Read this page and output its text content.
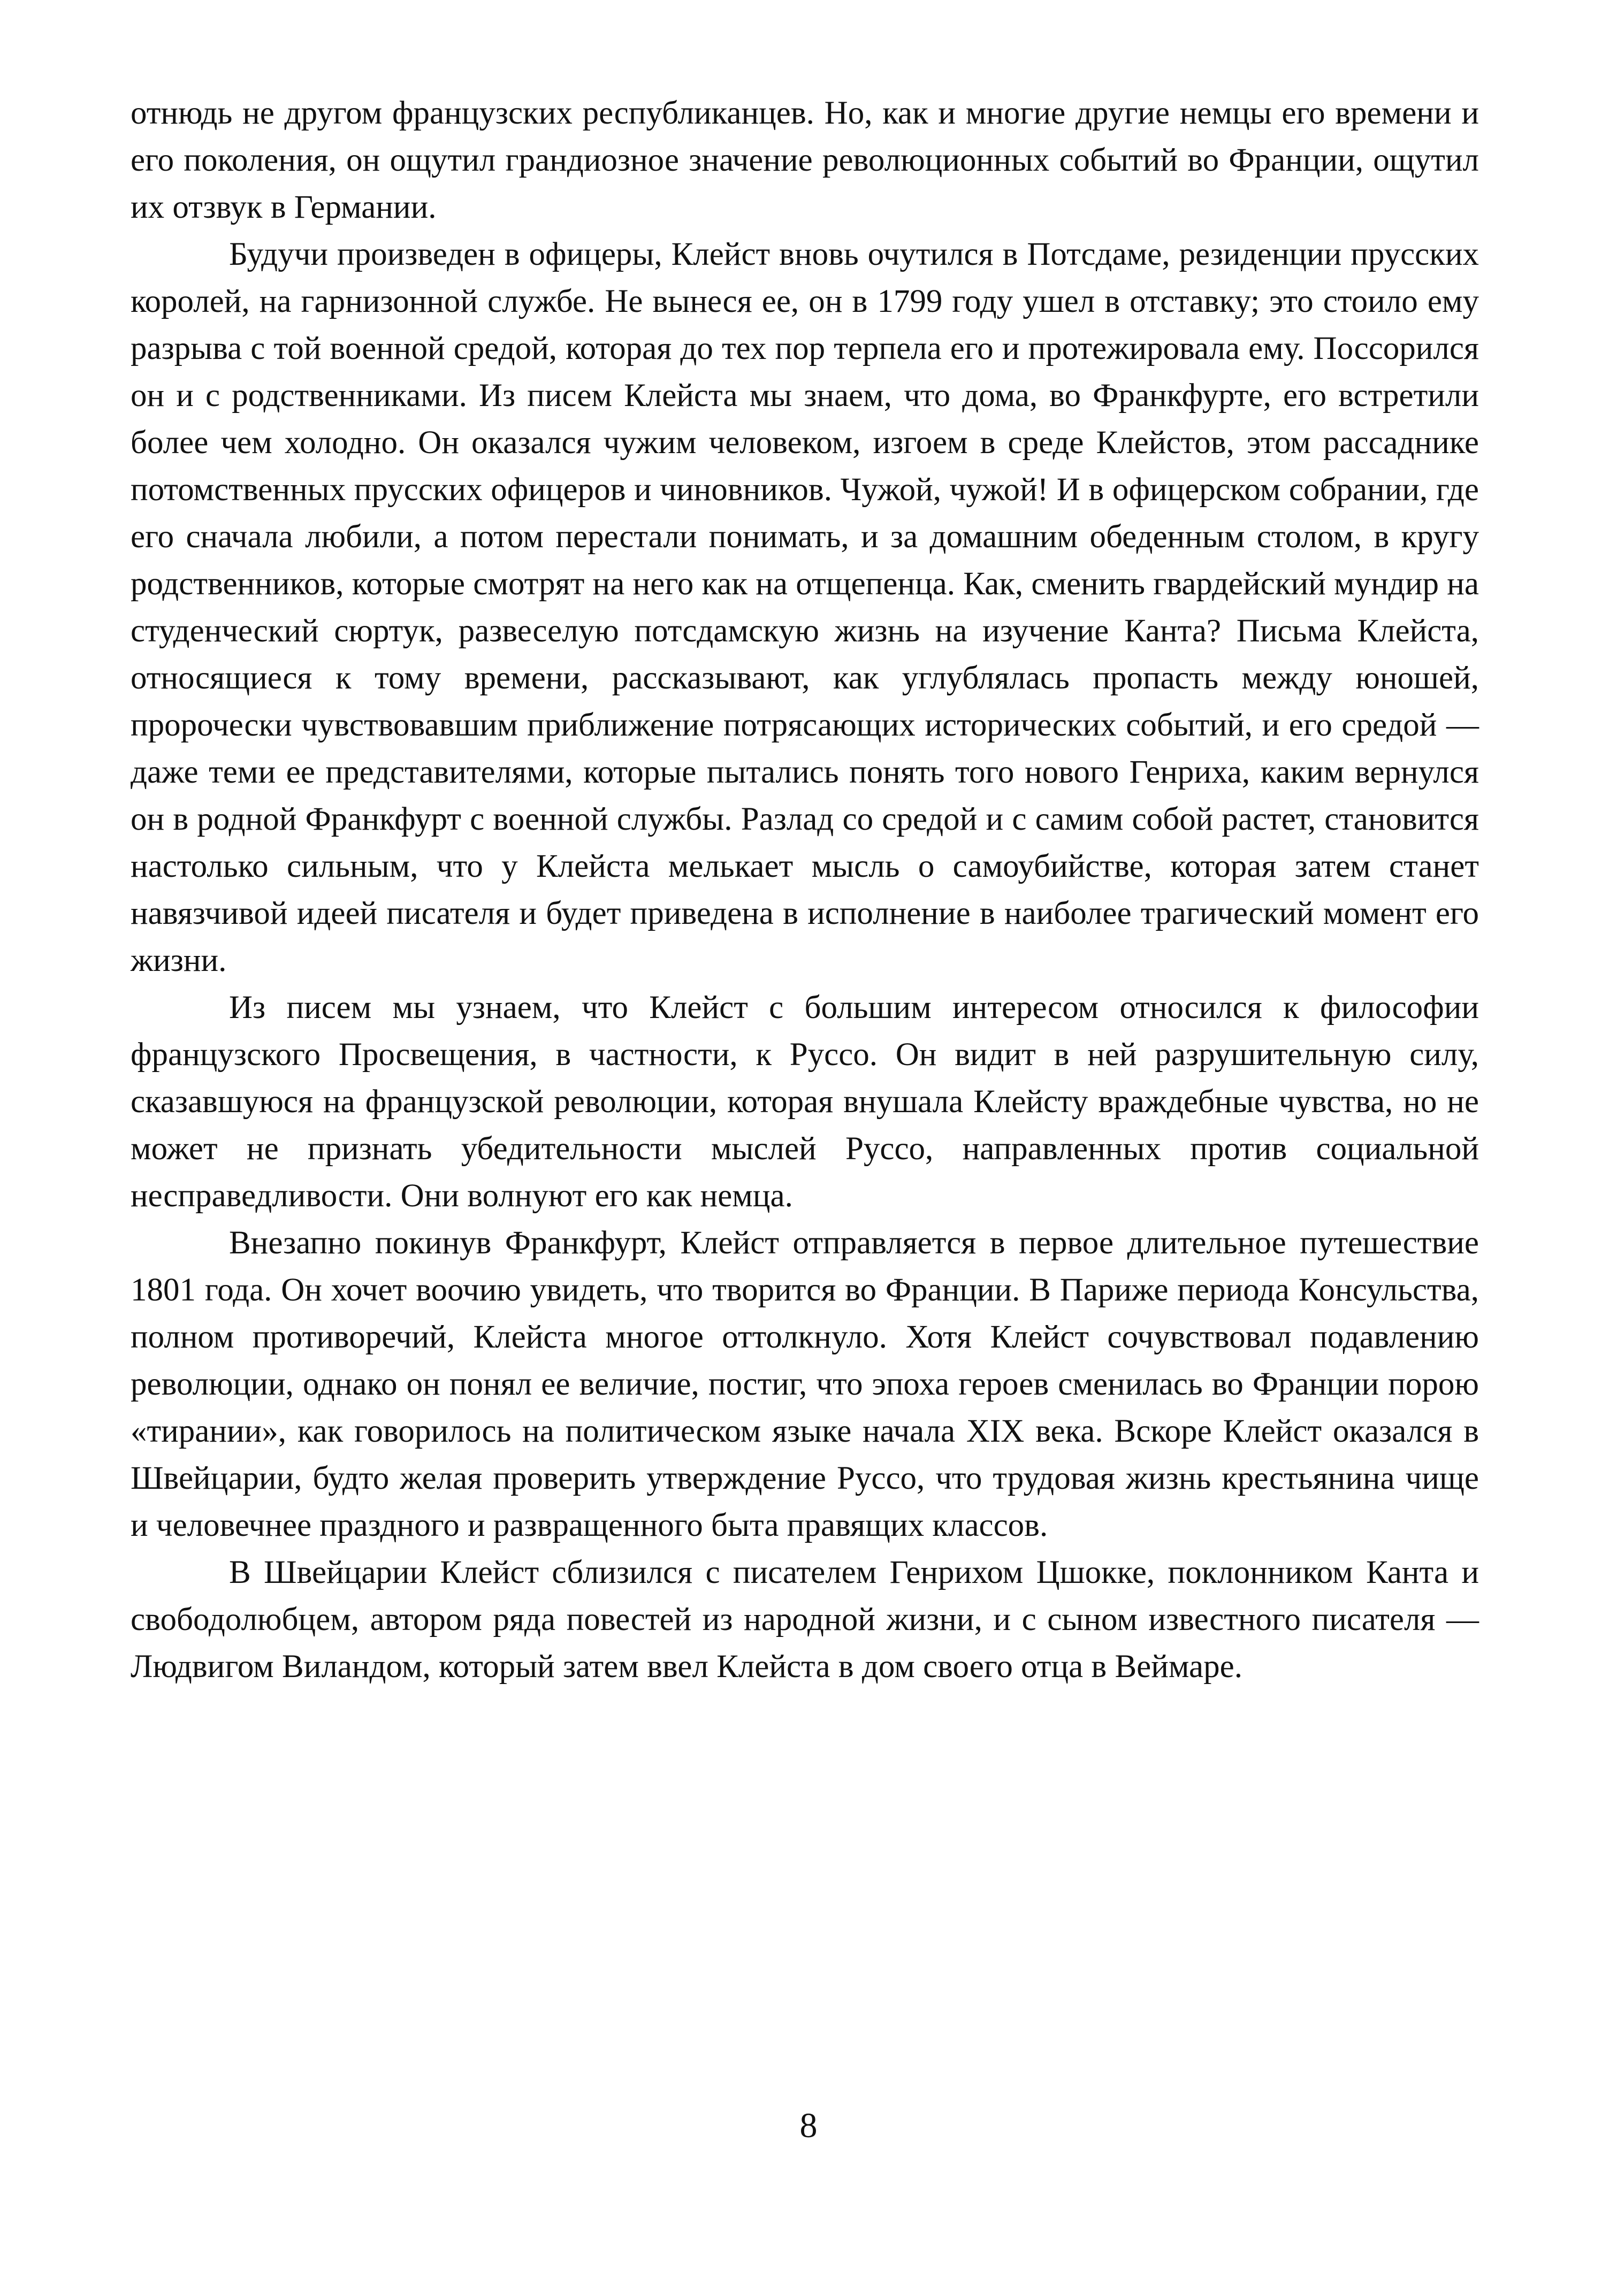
отнюдь не другом французских республиканцев. Но, как и многие другие немцы его времени и его поколения, он ощутил грандиозное значение революционных событий во Франции, ощутил их отзвук в Германии.

Будучи произведен в офицеры, Клейст вновь очутился в Потсдаме, резиденции прусских королей, на гарнизонной службе. Не вынеся ее, он в 1799 году ушел в отставку; это стоило ему разрыва с той военной средой, которая до тех пор терпела его и протежировала ему. Поссорился он и с родственниками. Из писем Клейста мы знаем, что дома, во Франкфурте, его встретили более чем холодно. Он оказался чужим человеком, изгоем в среде Клейстов, этом рассаднике потомственных прусских офицеров и чиновников. Чужой, чужой! И в офицерском собрании, где его сначала любили, а потом перестали понимать, и за домашним обеденным столом, в кругу родственников, которые смотрят на него как на отщепенца. Как, сменить гвардейский мундир на студенческий сюртук, развеселую потсдамскую жизнь на изучение Канта? Письма Клейста, относящиеся к тому времени, рассказывают, как углублялась пропасть между юношей, пророчески чувствовавшим приближение потрясающих исторических событий, и его средой — даже теми ее представителями, которые пытались понять того нового Генриха, каким вернулся он в родной Франкфурт с военной службы. Разлад со средой и с самим собой растет, становится настолько сильным, что у Клейста мелькает мысль о самоубийстве, которая затем станет навязчивой идеей писателя и будет приведена в исполнение в наиболее трагический момент его жизни.

Из писем мы узнаем, что Клейст с большим интересом относился к философии французского Просвещения, в частности, к Руссо. Он видит в ней разрушительную силу, сказавшуюся на французской революции, которая внушала Клейсту враждебные чувства, но не может не признать убедительности мыслей Руссо, направленных против социальной несправедливости. Они волнуют его как немца.

Внезапно покинув Франкфурт, Клейст отправляется в первое длительное путешествие 1801 года. Он хочет воочию увидеть, что творится во Франции. В Париже периода Консульства, полном противоречий, Клейста многое оттолкнуло. Хотя Клейст сочувствовал подавлению революции, однако он понял ее величие, постиг, что эпоха героев сменилась во Франции порою «тирании», как говорилось на политическом языке начала XIX века. Вскоре Клейст оказался в Швейцарии, будто желая проверить утверждение Руссо, что трудовая жизнь крестьянина чище и человечнее праздного и развращенного быта правящих классов.

В Швейцарии Клейст сблизился с писателем Генрихом Цшокке, поклонником Канта и свободолюбцем, автором ряда повестей из народной жизни, и с сыном известного писателя — Людвигом Виландом, который затем ввел Клейста в дом своего отца в Веймаре.

8
